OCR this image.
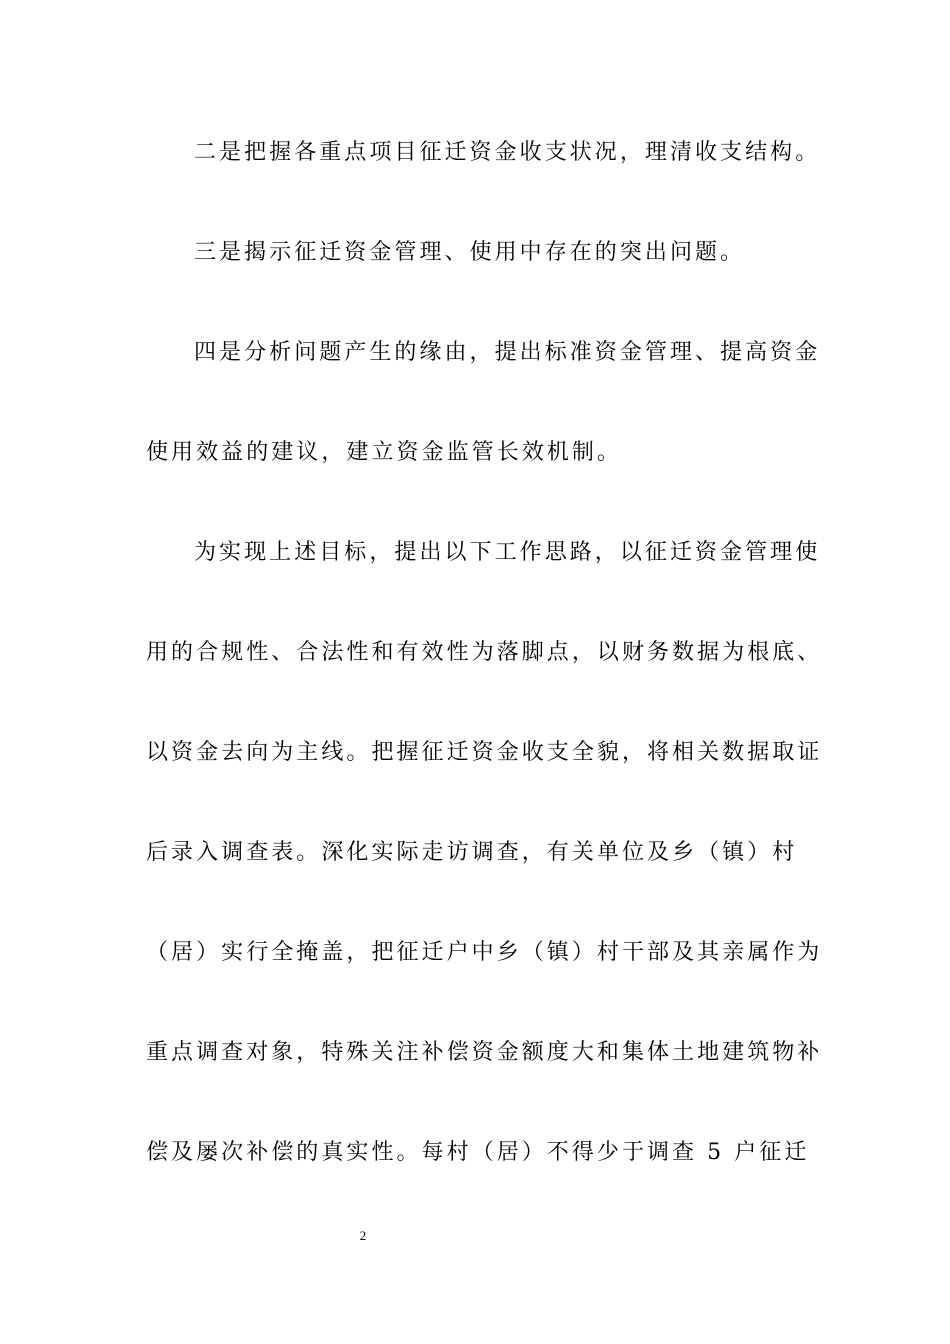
二是把握各重点项目征迁资金收支状况，理清收支结构。
三是揭示征迁资金管理、使用中存在的突出问题。
四是分析问题产生的缘由，提出标准资金管理、提高资金
使用效益的建议，建立资金监管长效机制。
为实现上述目标，提出以下工作思路，以征迁资金管理使
用的合规性、合法性和有效性为落脚点，以财务数据为根底、
以资金去向为主线。把握征迁资金收支全貌，将相关数据取证
后录入调查表。深化实际走访调查，有关单位及乡（镇）村
（居）实行全掩盖，把征迁户中乡（镇）村干部及其亲属作为
重点调查对象，特殊关注补偿资金额度大和集体土地建筑物补
偿及屡次补偿的真实性。每村（居）不得少于调查 5 户征迁
2
